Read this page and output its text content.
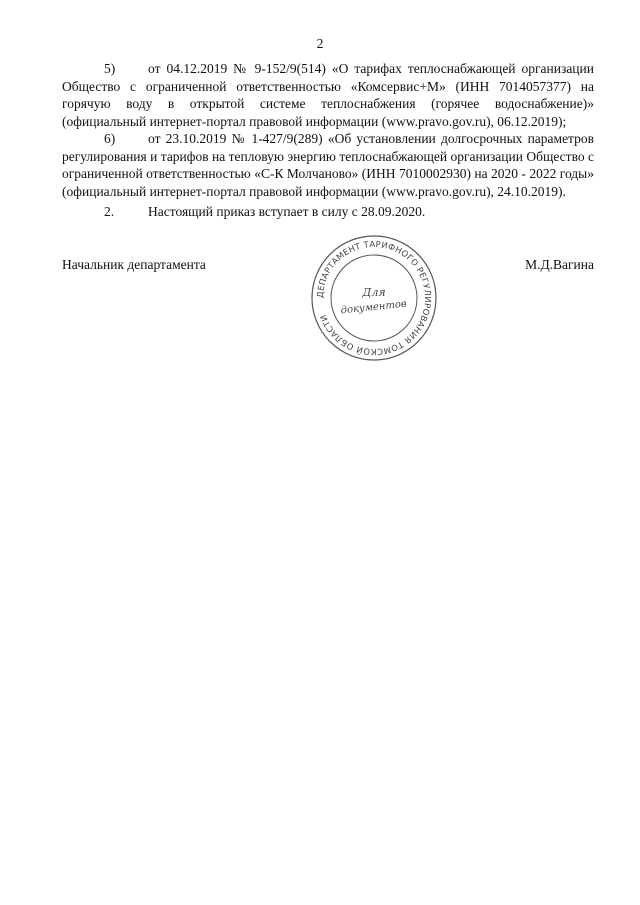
2
5) от 04.12.2019 № 9-152/9(514) «О тарифах теплоснабжающей организации Общество с ограниченной ответственностью «Комсервис+М» (ИНН 7014057377) на горячую воду в открытой системе теплоснабжения (горячее водоснабжение)» (официальный интернет-портал правовой информации (www.pravo.gov.ru), 06.12.2019);
6) от 23.10.2019 № 1-427/9(289) «Об установлении долгосрочных параметров регулирования и тарифов на тепловую энергию теплоснабжающей организации Общество с ограниченной ответственностью «С-К Молчаново» (ИНН 7010002930) на 2020 - 2022 годы» (официальный интернет-портал правовой информации (www.pravo.gov.ru), 24.10.2019).
2.	Настоящий приказ вступает в силу с 28.09.2020.
Начальник департамента	М.Д.Вагина
ДЕПАРТАМЕНТ ТАРИФНОГО РЕГУЛИРОВАНИЯ ТОМСКОЙ ОБЛАСТИ
Для
документов
